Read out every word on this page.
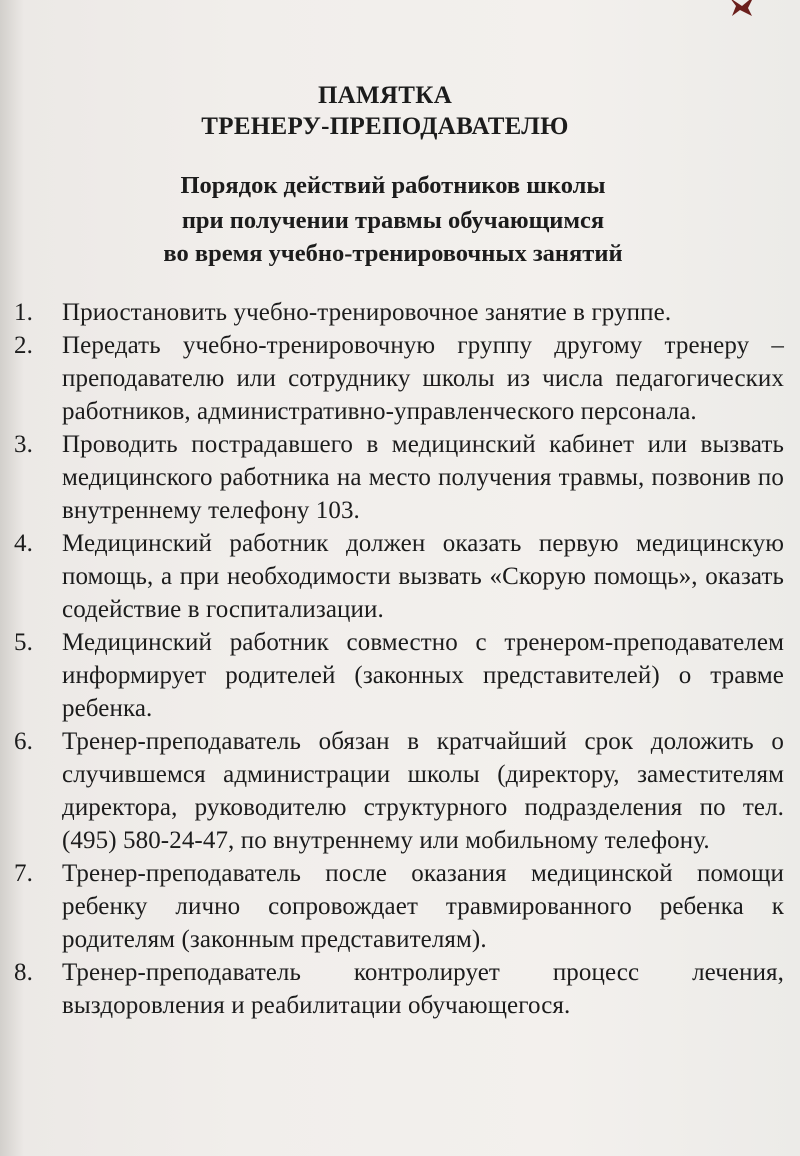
ПАМЯТКА
ТРЕНЕРУ-ПРЕПОДАВАТЕЛЮ
Порядок действий работников школы
при получении травмы обучающимся
во время учебно-тренировочных занятий
1.	Приостановить учебно-тренировочное занятие в группе.
2.	Передать учебно-тренировочную группу другому тренеру – преподавателю или сотруднику школы из числа педагогических работников, административно-управленческого персонала.
3.	Проводить пострадавшего в медицинский кабинет или вызвать медицинского работника на место получения травмы, позвонив по внутреннему телефону 103.
4.	Медицинский работник должен оказать первую медицинскую помощь, а при необходимости вызвать «Скорую помощь», оказать содействие в госпитализации.
5.	Медицинский работник совместно с тренером-преподавателем информирует родителей (законных представителей) о травме ребенка.
6.	Тренер-преподаватель обязан в кратчайший срок доложить о случившемся администрации школы (директору, заместителям директора, руководителю структурного подразделения по тел.(495) 580-24-47, по внутреннему или мобильному телефону.
7.	Тренер-преподаватель после оказания медицинской помощи ребенку лично сопровождает травмированного ребенка к родителям (законным представителям).
8.	Тренер-преподаватель контролирует процесс лечения, выздоровления и реабилитации обучающегося.
